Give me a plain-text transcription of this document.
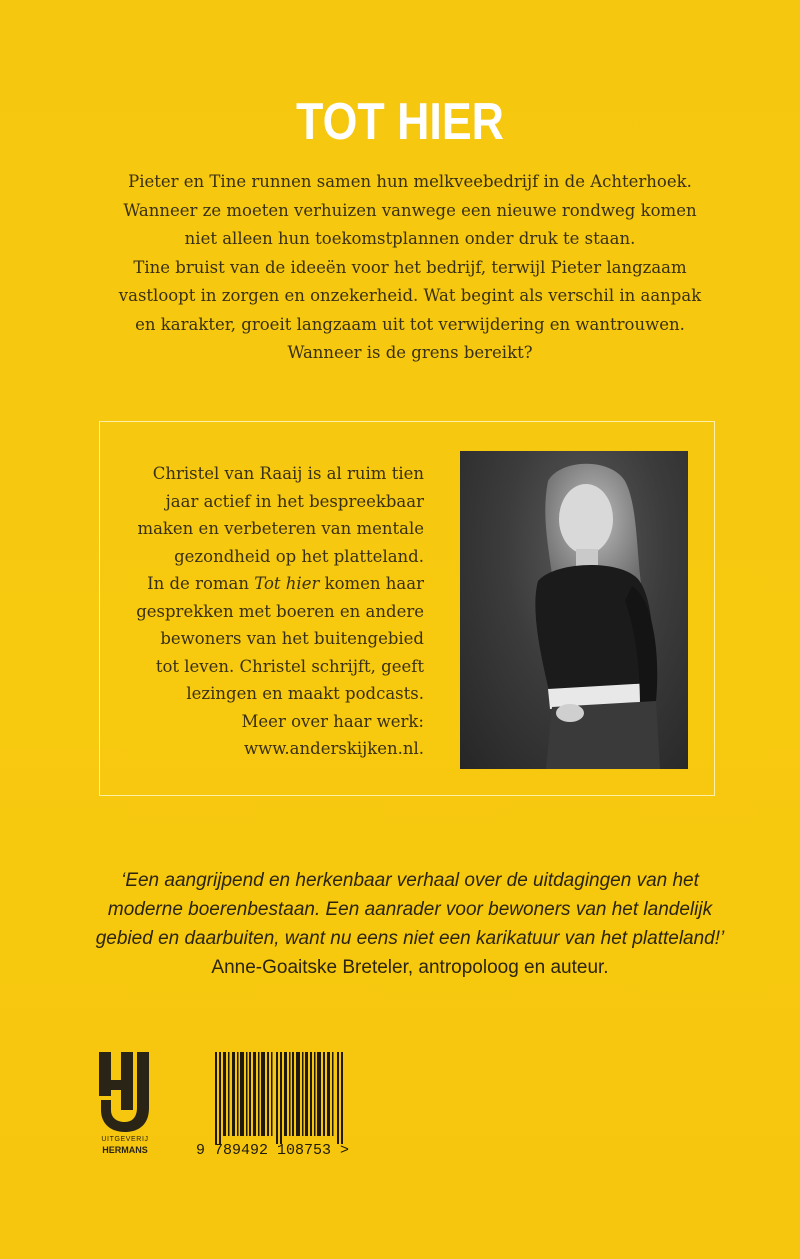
TOT HIER
Pieter en Tine runnen samen hun melkveebedrijf in de Achterhoek.
Wanneer ze moeten verhuizen vanwege een nieuwe rondweg komen
niet alleen hun toekomstplannen onder druk te staan.
Tine bruist van de ideeën voor het bedrijf, terwijl Pieter langzaam
vastloopt in zorgen en onzekerheid. Wat begint als verschil in aanpak
en karakter, groeit langzaam uit tot verwijdering en wantrouwen.
Wanneer is de grens bereikt?
Christel van Raaij is al ruim tien
jaar actief in het bespreekbaar
maken en verbeteren van mentale
gezondheid op het platteland.
In de roman Tot hier komen haar
gesprekken met boeren en andere
bewoners van het buitengebied
tot leven. Christel schrijft, geeft
lezingen en maakt podcasts.
Meer over haar werk:
www.anderskijken.nl.
‘Een aangrijpend en herkenbaar verhaal over de uitdagingen van het
moderne boerenbestaan. Een aanrader voor bewoners van het landelijk
gebied en daarbuiten, want nu eens niet een karikatuur van het platteland!’
Anne-Goaitske Breteler, antropoloog en auteur.
UITGEVERIJ
HERMANS	9 789492 108753 >
